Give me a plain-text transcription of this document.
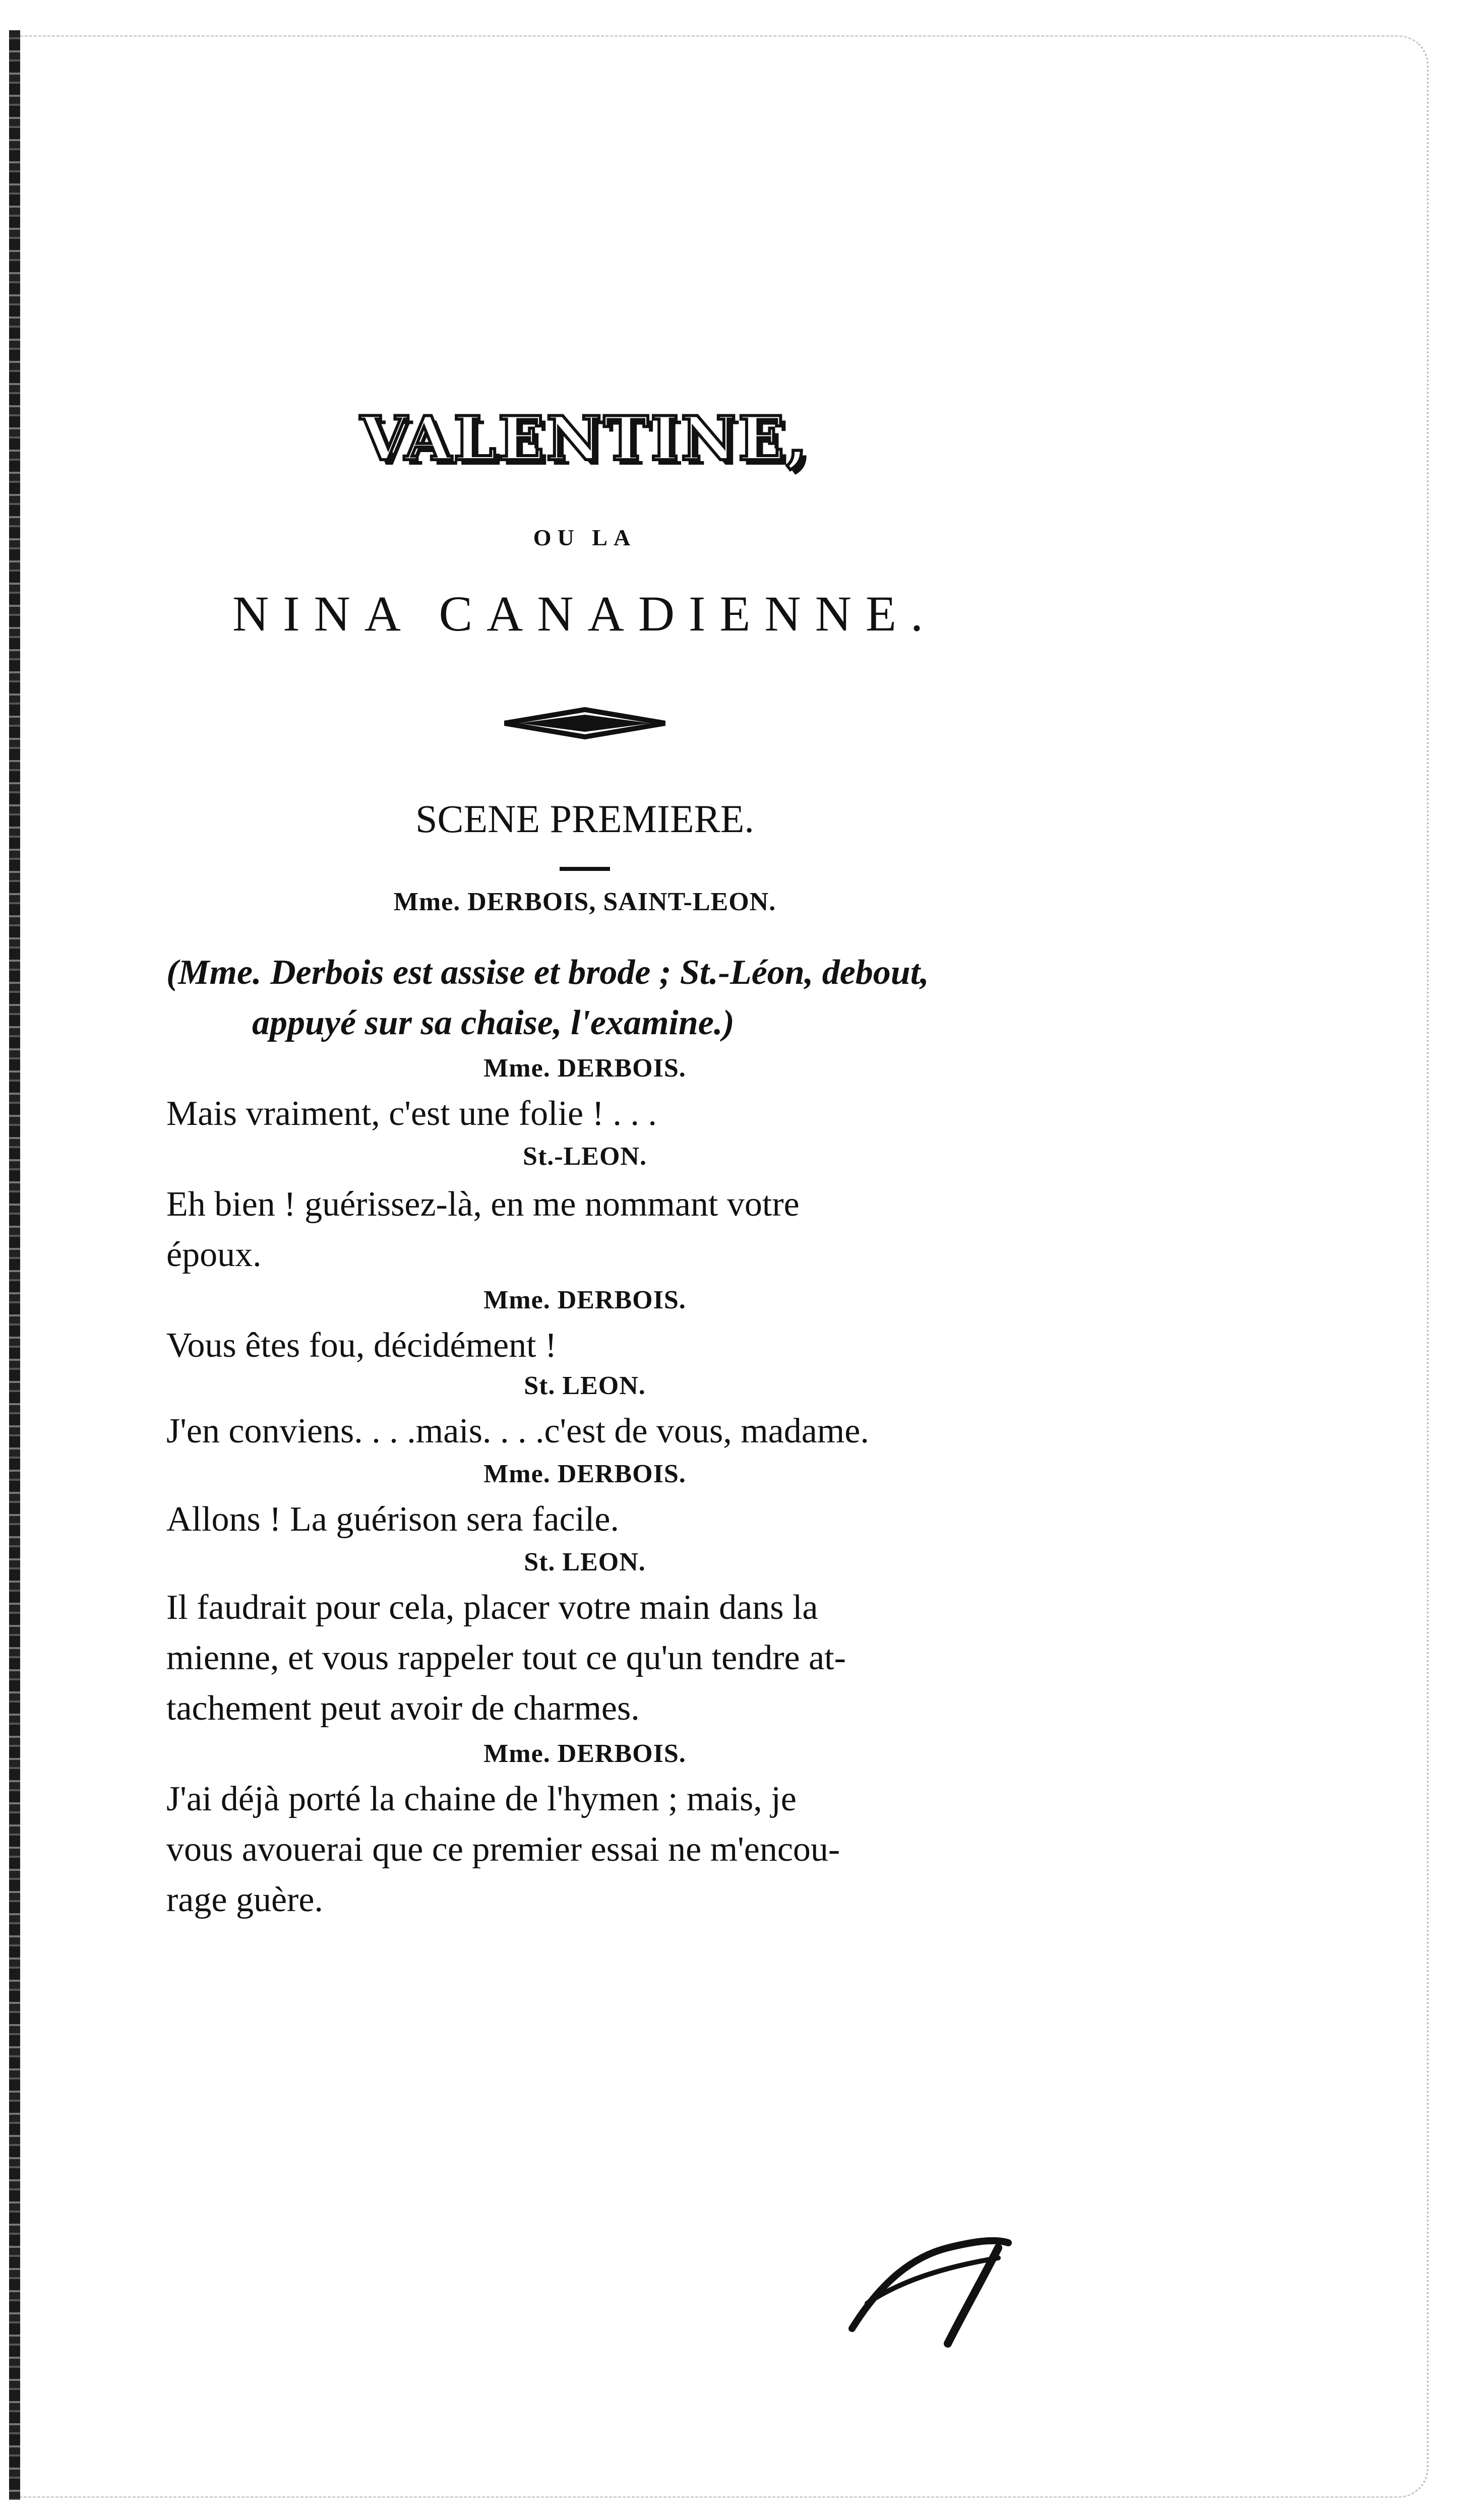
VALENTINE,
OU LA
NINA CANADIENNE.
SCENE PREMIERE.
Mme. DERBOIS, SAINT-LEON.
(Mme. Derbois est assise et brode ; St.-Léon, debout,
appuyé sur sa chaise, l'examine.)
Mme. DERBOIS.
Mais vraiment, c'est une folie ! . . .
St.-LEON.
Eh bien ! guérissez-là, en me nommant votre
époux.
Mme. DERBOIS.
Vous êtes fou, décidément !
St. LEON.
J'en conviens. . . .mais. . . .c'est de vous, madame.
Mme. DERBOIS.
Allons ! La guérison sera facile.
St. LEON.
Il faudrait pour cela, placer votre main dans la
mienne, et vous rappeler tout ce qu'un tendre at-
tachement peut avoir de charmes.
Mme. DERBOIS.
J'ai déjà porté la chaine de l'hymen ; mais, je
vous avouerai que ce premier essai ne m'encou-
rage guère.
